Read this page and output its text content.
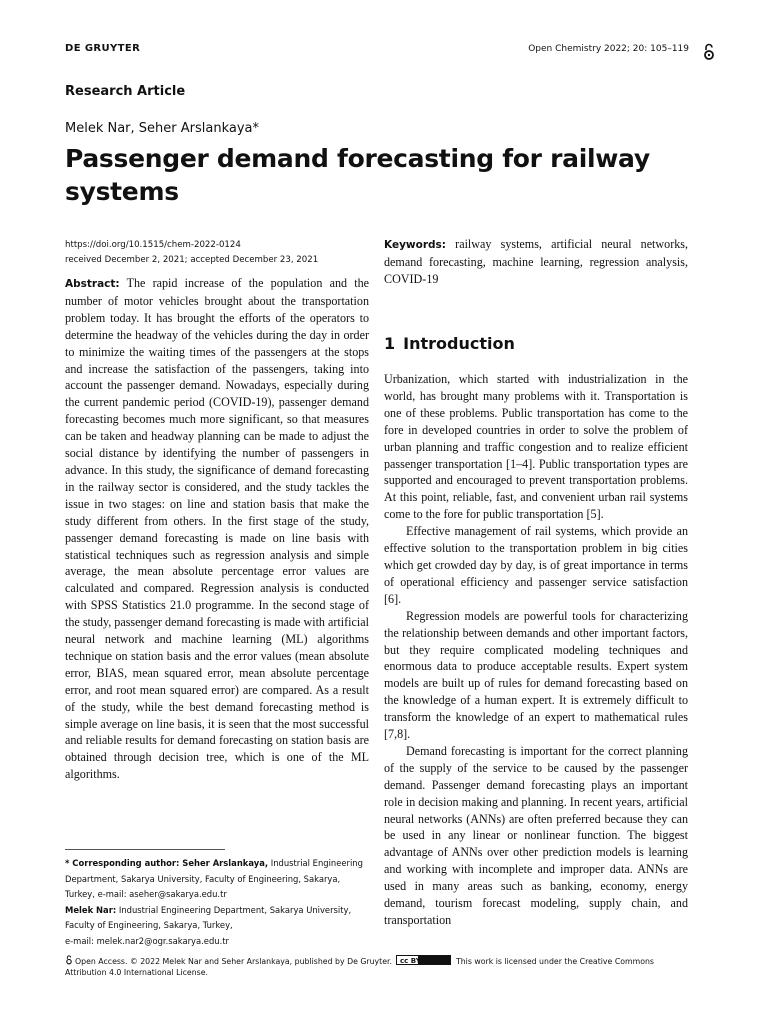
DE GRUYTER	Open Chemistry 2022; 20: 105–119
Research Article
Melek Nar, Seher Arslankaya*
Passenger demand forecasting for railway systems
https://doi.org/10.1515/chem-2022-0124
received December 2, 2021; accepted December 23, 2021

Abstract: The rapid increase of the population and the number of motor vehicles brought about the transportation problem today. It has brought the efforts of the operators to determine the headway of the vehicles during the day in order to minimize the waiting times of the passengers at the stops and increase the satisfaction of the passengers, taking into account the passenger demand. Nowadays, especially during the current pandemic period (COVID-19), passenger demand forecasting becomes much more significant, so that measures can be taken and headway planning can be made to adjust the social distance by identifying the number of passengers in advance. In this study, the significance of demand forecasting in the railway sector is considered, and the study tackles the issue in two stages: on line and station basis that make the study different from others. In the first stage of the study, passenger demand forecasting is made on line basis with statistical techniques such as regression analysis and simple average, the mean absolute percentage error values are calculated and compared. Regression analysis is conducted with SPSS Statistics 21.0 programme. In the second stage of the study, passenger demand forecasting is made with artificial neural network and machine learning (ML) algorithms technique on station basis and the error values (mean absolute error, BIAS, mean squared error, mean absolute percentage error, and root mean squared error) are compared. As a result of the study, while the best demand forecasting method is simple average on line basis, it is seen that the most successful and reliable results for demand forecasting on station basis are obtained through decision tree, which is one of the ML algorithms.

Keywords: railway systems, artificial neural networks, demand forecasting, machine learning, regression analysis, COVID-19

1 Introduction

Urbanization, which started with industrialization in the world, has brought many problems with it. Transportation is one of these problems. Public transportation has come to the fore in developed countries in order to solve the problem of urban planning and traffic congestion and to realize efficient passenger transportation [1–4]. Public transportation types are supported and encouraged to prevent transportation problems. At this point, reliable, fast, and convenient urban rail systems come to the fore for public transportation [5].

Effective management of rail systems, which provide an effective solution to the transportation problem in big cities which get crowded day by day, is of great importance in terms of operational efficiency and passenger service satisfaction [6].

Regression models are powerful tools for characterizing the relationship between demands and other important factors, but they require complicated modeling techniques and enormous data to produce acceptable results. Expert system models are built up of rules for demand forecasting based on the knowledge of a human expert. It is extremely difficult to transform the knowledge of an expert to mathematical rules [7,8].

Demand forecasting is important for the correct planning of the supply of the service to be caused by the passenger demand. Passenger demand forecasting plays an important role in decision making and planning. In recent years, artificial neural networks (ANNs) are often preferred because they can be used in any linear or nonlinear function. The biggest advantage of ANNs over other prediction models is learning and working with incomplete and improper data. ANNs are used in many areas such as banking, economy, energy demand, tourism forecast modeling, supply chain, and transportation

* Corresponding author: Seher Arslankaya, Industrial Engineering Department, Sakarya University, Faculty of Engineering, Sakarya, Turkey, e-mail: aseher@sakarya.edu.tr
Melek Nar: Industrial Engineering Department, Sakarya University, Faculty of Engineering, Sakarya, Turkey,
e-mail: melek.nar2@ogr.sakarya.edu.tr
Open Access. © 2022 Melek Nar and Seher Arslankaya, published by De Gruyter. cc BY	This work is licensed under the Creative Commons Attribution 4.0 International License.
